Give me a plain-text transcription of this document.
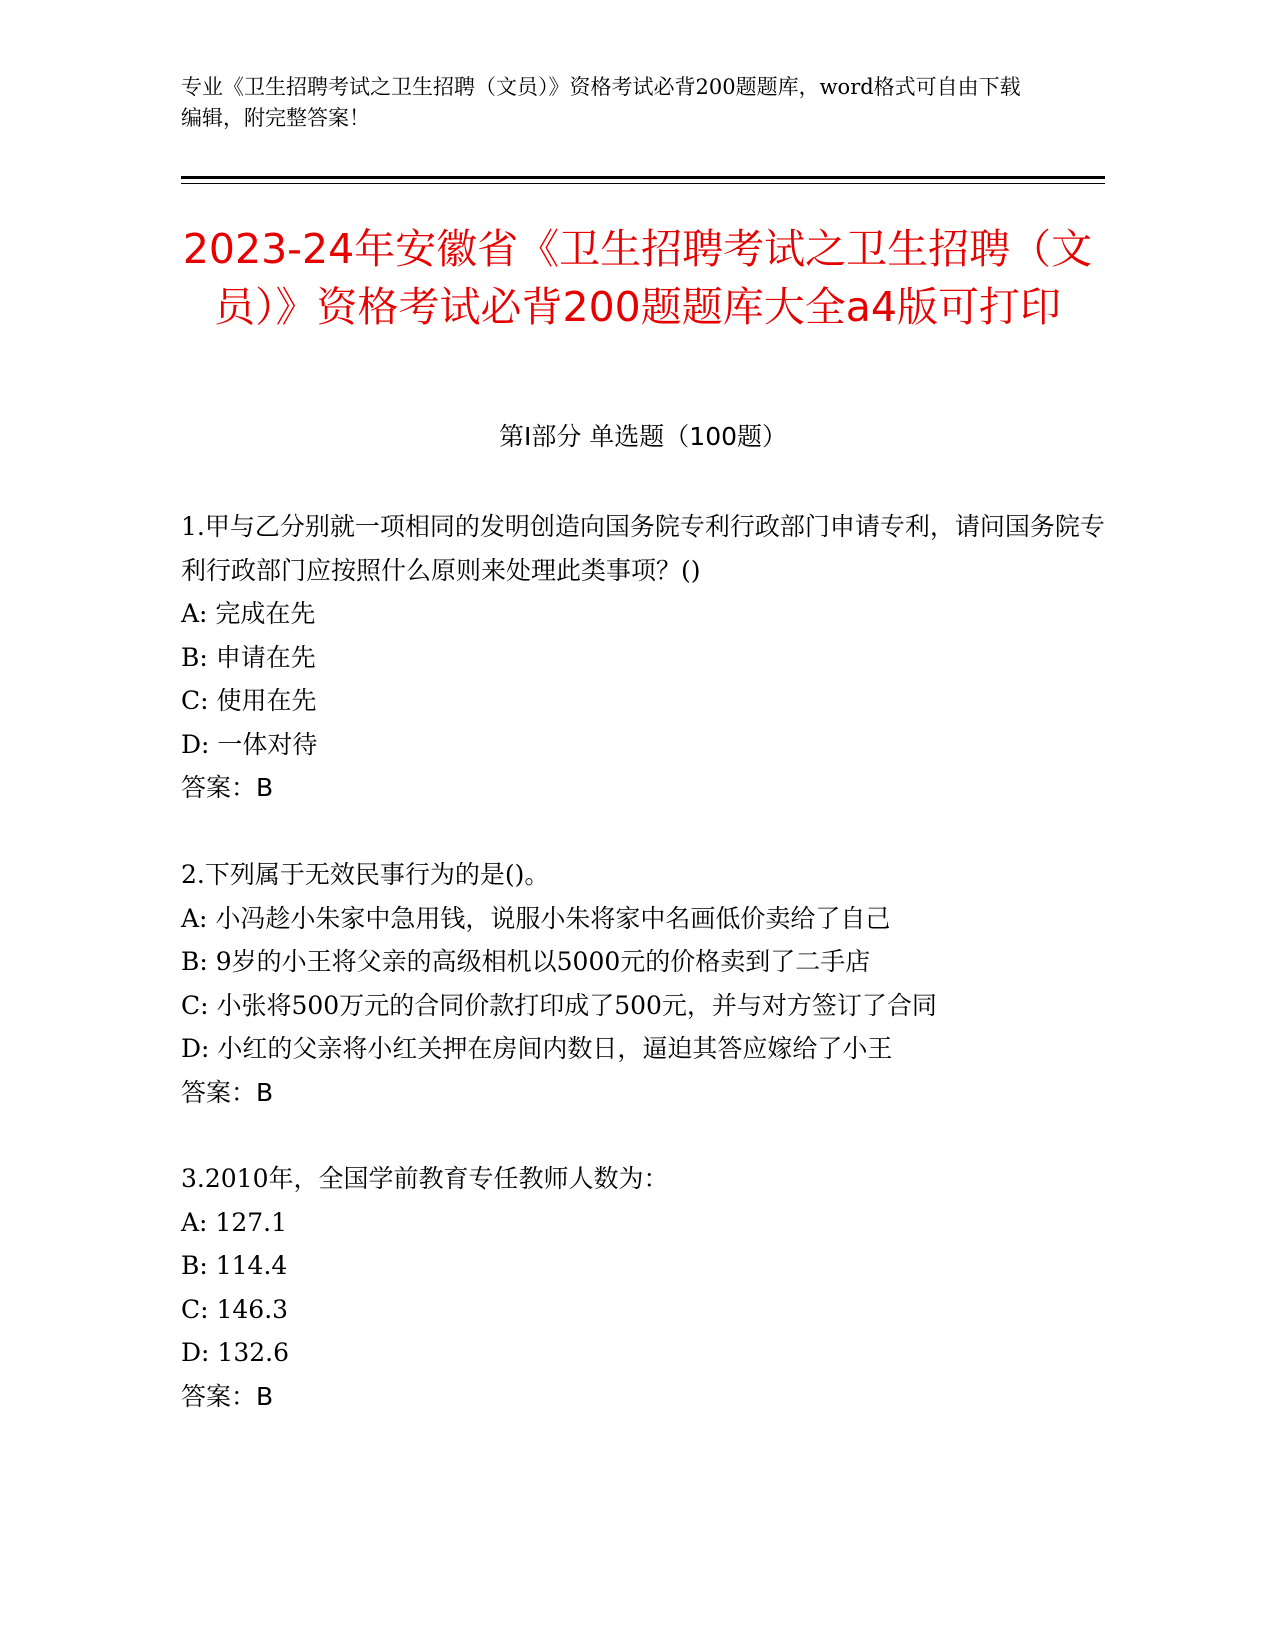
专业《卫生招聘考试之卫生招聘（文员）》资格考试必背200题题库，word格式可自由下载编辑，附完整答案！
2023-24年安徽省《卫生招聘考试之卫生招聘（文员）》资格考试必背200题题库大全a4版可打印
第Ⅰ部分 单选题（100题）

1.甲与乙分别就一项相同的发明创造向国务院专利行政部门申请专利，请问国务院专利行政部门应按照什么原则来处理此类事项？()

A: 完成在先

B: 申请在先

C: 使用在先

D: 一体对待

答案：B

2.下列属于无效民事行为的是()。

A: 小冯趁小朱家中急用钱，说服小朱将家中名画低价卖给了自己

B: 9岁的小王将父亲的高级相机以5000元的价格卖到了二手店

C: 小张将500万元的合同价款打印成了500元，并与对方签订了合同

D: 小红的父亲将小红关押在房间内数日，逼迫其答应嫁给了小王

答案：B

3.2010年，全国学前教育专任教师人数为：

A: 127.1

B: 114.4

C: 146.3

D: 132.6

答案：B
